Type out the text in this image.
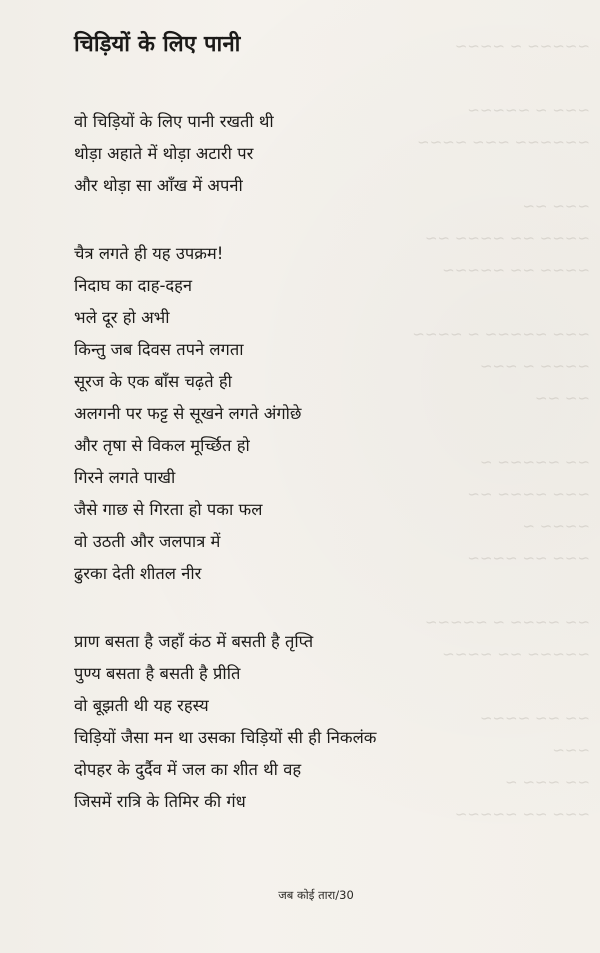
~~~~~ ~ ~~~~

~~~ ~ ~~~~~
~~~~~~ ~~~ ~~~~

~~~ ~~
~~~~ ~~ ~~~~ ~~
~~~~ ~~ ~~~~~

~~~ ~~~~~ ~ ~~~~
~~~~ ~ ~~~
~~ ~~

~~ ~~~~~ ~
~~~ ~~~~ ~~
~~~~ ~
~~~ ~~ ~~~~

~~ ~~~~ ~ ~~~~~
~~~~~ ~~ ~~~~

~~ ~~ ~~~~
~~~
~~ ~~~ ~
~~~ ~~ ~~~~~
चिड़ियों के लिए पानी
वो चिड़ियों के लिए पानी रखती थी
थोड़ा अहाते में थोड़ा अटारी पर
और थोड़ा सा आँख में अपनी
चैत्र लगते ही यह उपक्रम!
निदाघ का दाह-दहन
भले दूर हो अभी
किन्तु जब दिवस तपने लगता
सूरज के एक बाँस चढ़ते ही
अलगनी पर फट्ट से सूखने लगते अंगोछे
और तृषा से विकल मूर्च्छित हो
गिरने लगते पाखी
जैसे गाछ से गिरता हो पका फल
वो उठती और जलपात्र में
ढुरका देती शीतल नीर
प्राण बसता है जहाँ कंठ में बसती है तृप्ति
पुण्य बसता है बसती है प्रीति
वो बूझती थी यह रहस्य
चिड़ियों जैसा मन था उसका चिड़ियों सी ही निकलंक
दोपहर के दुर्दैव में जल का शीत थी वह
जिसमें रात्रि के तिमिर की गंध
जब कोई तारा/30
